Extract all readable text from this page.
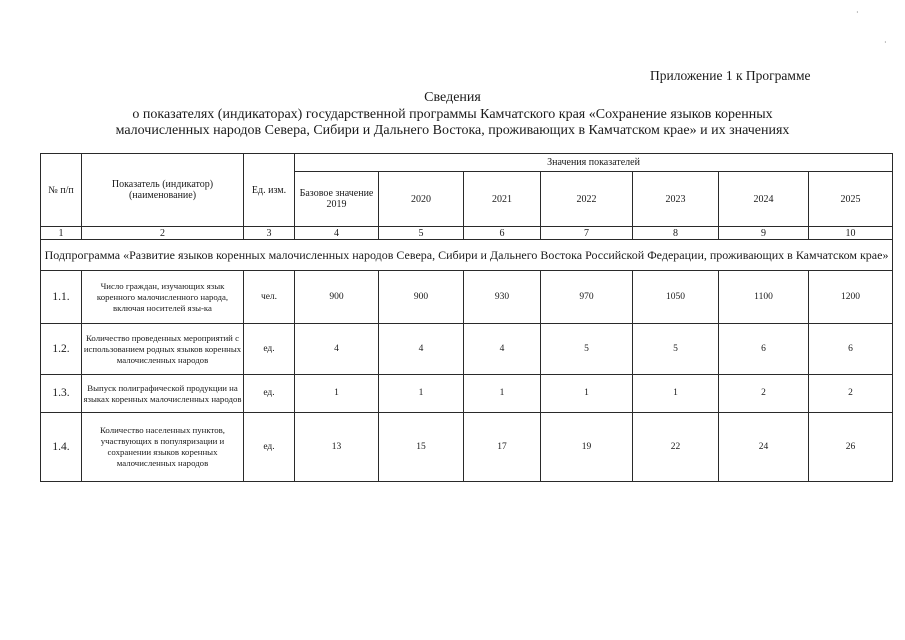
·
·
Приложение 1 к Программе
Сведения
о показателях (индикаторах) государственной программы Камчатского края «Сохранение языков коренных
малочисленных народов Севера, Сибири и Дальнего Востока, проживающих в Камчатском крае» и их значениях
№ п/п	Показатель (индикатор) (наименование)	Ед. изм.	Значения показателей						
			Базовое значение 2019	2020	2021	2022	2023	2024	2025
1	2	3	4	5	6	7	8	9	10
Подпрограмма «Развитие языков коренных малочисленных народов Севера, Сибири и Дальнего Востока Российской Федерации, проживающих в Камчатском крае»									
1.1.	Число граждан, изучающих язык коренного малочисленного народа, включая носителей язы-ка	чел.	900	900	930	970	1050	1100	1200
1.2.	Количество проведенных мероприятий с использованием родных языков коренных малочисленных народов	ед.	4	4	4	5	5	6	6
1.3.	Выпуск полиграфической продукции на языках коренных малочисленных народов	ед.	1	1	1	1	1	2	2
1.4.	Количество населенных пунктов, участвующих в популяризации и сохранении языков коренных малочисленных народов	ед.	13	15	17	19	22	24	26
